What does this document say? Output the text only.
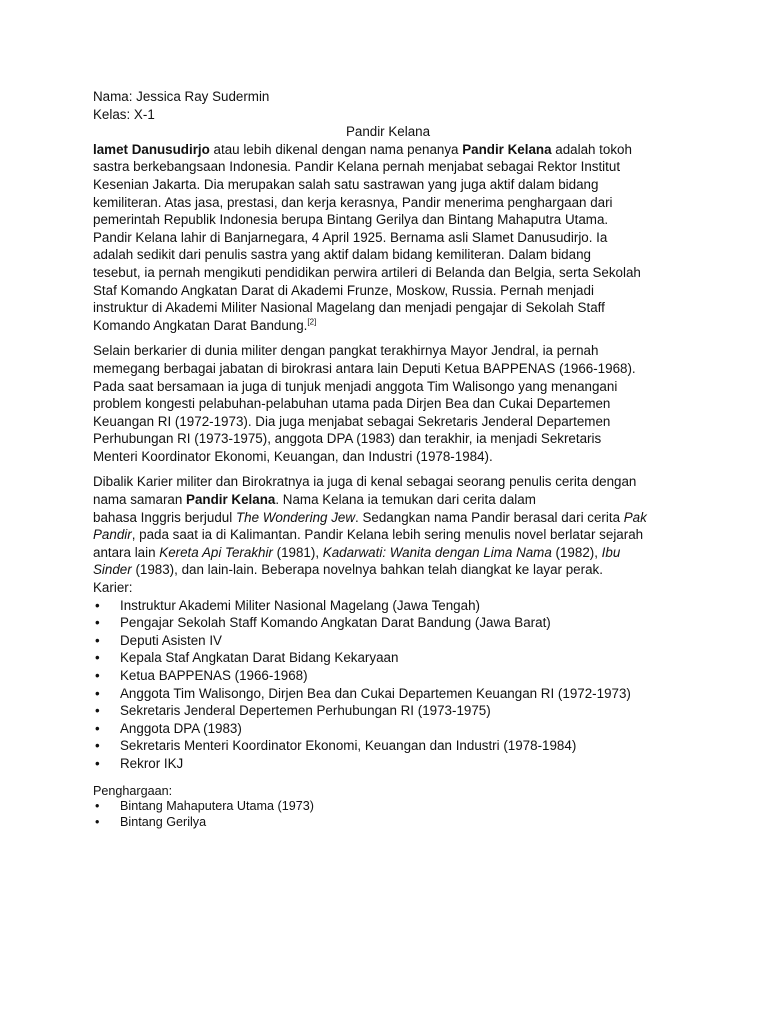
Nama: Jessica Ray Sudermin
Kelas: X-1
Pandir Kelana
lamet Danusudirjo atau lebih dikenal dengan nama penanya Pandir Kelana adalah tokoh
sastra berkebangsaan Indonesia. Pandir Kelana pernah menjabat sebagai Rektor Institut
Kesenian Jakarta. Dia merupakan salah satu sastrawan yang juga aktif dalam bidang
kemiliteran. Atas jasa, prestasi, dan kerja kerasnya, Pandir menerima penghargaan dari
pemerintah Republik Indonesia berupa Bintang Gerilya dan Bintang Mahaputra Utama.
Pandir Kelana lahir di Banjarnegara, 4 April 1925. Bernama asli Slamet Danusudirjo. Ia
adalah sedikit dari penulis sastra yang aktif dalam bidang kemiliteran. Dalam bidang
tesebut, ia pernah mengikuti pendidikan perwira artileri di Belanda dan Belgia, serta Sekolah
Staf Komando Angkatan Darat di Akademi Frunze, Moskow, Russia. Pernah menjadi
instruktur di Akademi Militer Nasional Magelang dan menjadi pengajar di Sekolah Staff
Komando Angkatan Darat Bandung.[2]
Selain berkarier di dunia militer dengan pangkat terakhirnya Mayor Jendral, ia pernah
memegang berbagai jabatan di birokrasi antara lain Deputi Ketua BAPPENAS (1966-1968).
Pada saat bersamaan ia juga di tunjuk menjadi anggota Tim Walisongo yang menangani
problem kongesti pelabuhan-pelabuhan utama pada Dirjen Bea dan Cukai Departemen
Keuangan RI (1972-1973). Dia juga menjabat sebagai Sekretaris Jenderal Departemen
Perhubungan RI (1973-1975), anggota DPA (1983) dan terakhir, ia menjadi Sekretaris
Menteri Koordinator Ekonomi, Keuangan, dan Industri (1978-1984).
Dibalik Karier militer dan Birokratnya ia juga di kenal sebagai seorang penulis cerita dengan
nama samaran Pandir Kelana. Nama Kelana ia temukan dari cerita dalam
bahasa Inggris berjudul The Wondering Jew. Sedangkan nama Pandir berasal dari cerita Pak
Pandir, pada saat ia di Kalimantan. Pandir Kelana lebih sering menulis novel berlatar sejarah
antara lain Kereta Api Terakhir (1981), Kadarwati: Wanita dengan Lima Nama (1982), Ibu
Sinder (1983), dan lain-lain. Beberapa novelnya bahkan telah diangkat ke layar perak.
Karier:
• Instruktur Akademi Militer Nasional Magelang (Jawa Tengah)
• Pengajar Sekolah Staff Komando Angkatan Darat Bandung (Jawa Barat)
• Deputi Asisten IV
• Kepala Staf Angkatan Darat Bidang Kekaryaan
• Ketua BAPPENAS (1966-1968)
• Anggota Tim Walisongo, Dirjen Bea dan Cukai Departemen Keuangan RI (1972-1973)
• Sekretaris Jenderal Depertemen Perhubungan RI (1973-1975)
• Anggota DPA (1983)
• Sekretaris Menteri Koordinator Ekonomi, Keuangan dan Industri (1978-1984)
• Rekror IKJ
Penghargaan:
• Bintang Mahaputera Utama (1973)
• Bintang Gerilya
